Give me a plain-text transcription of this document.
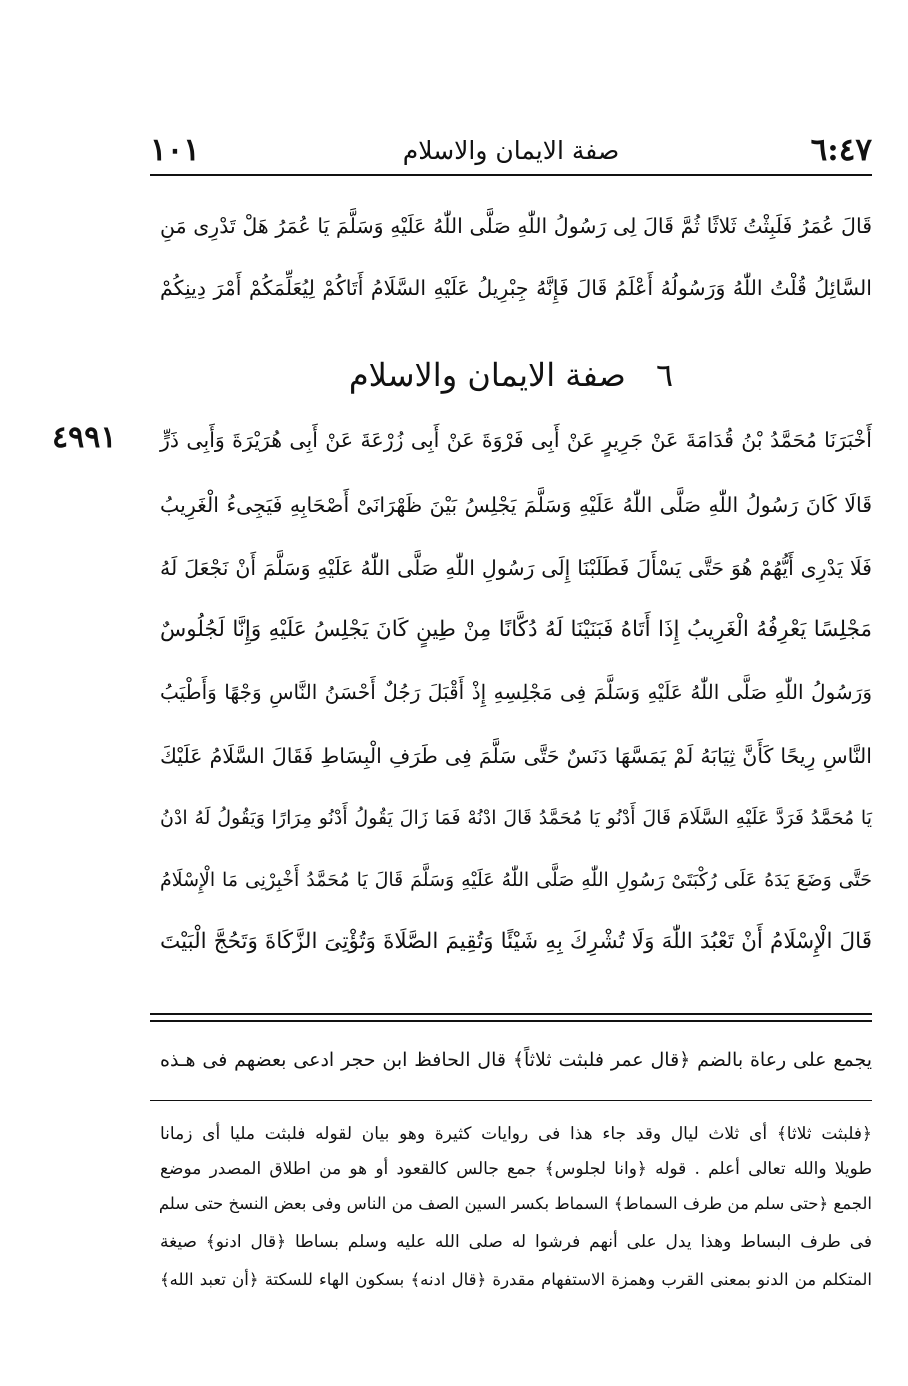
٦:٤٧
صفة الايمان والاسلام
١٠١
قَالَ عُمَرُ فَلَبِثْتُ ثَلاثًا ثُمَّ قَالَ لِى رَسُولُ اللّٰهِ صَلَّى اللّٰهُ عَلَيْهِ وَسَلَّمَ يَا عُمَرُ هَلْ تَدْرِى مَنِ
السَّائِلُ قُلْتُ اللّٰهُ وَرَسُولُهُ أَعْلَمُ قَالَ فَإِنَّهُ جِبْرِيلُ عَلَيْهِ السَّلَامُ أَتَاكُمْ لِيُعَلِّمَكُمْ أَمْرَ دِينِكُمْ
٦ صفة الايمان والاسلام
٤٩٩١ أَخْبَرَنَا مُحَمَّدُ بْنُ قُدَامَةَ عَنْ جَرِيرٍ عَنْ أَبِى فَرْوَةَ عَنْ أَبِى زُرْعَةَ عَنْ أَبِى هُرَيْرَةَ وَأَبِى ذَرٍّ
قَالَا كَانَ رَسُولُ اللّٰهِ صَلَّى اللّٰهُ عَلَيْهِ وَسَلَّمَ يَجْلِسُ بَيْنَ ظَهْرَانَىْ أَصْحَابِهِ فَيَجِىءُ الْغَرِيبُ
فَلَا يَدْرِى أَيُّهُمْ هُوَ حَتَّى يَسْأَلَ فَطَلَبْنَا إِلَى رَسُولِ اللّٰهِ صَلَّى اللّٰهُ عَلَيْهِ وَسَلَّمَ أَنْ نَجْعَلَ لَهُ
مَجْلِسًا يَعْرِفُهُ الْغَرِيبُ إِذَا أَتَاهُ فَبَنَيْنَا لَهُ دُكَّانًا مِنْ طِينٍ كَانَ يَجْلِسُ عَلَيْهِ وَإِنَّا لَجُلُوسٌ
وَرَسُولُ اللّٰهِ صَلَّى اللّٰهُ عَلَيْهِ وَسَلَّمَ فِى مَجْلِسِهِ إِذْ أَقْبَلَ رَجُلٌ أَحْسَنُ النَّاسِ وَجْهًا وَأَطْيَبُ
النَّاسِ رِيحًا كَأَنَّ ثِيَابَهُ لَمْ يَمَسَّهَا دَنَسٌ حَتَّى سَلَّمَ فِى طَرَفِ الْبِسَاطِ فَقَالَ السَّلَامُ عَلَيْكَ
يَا مُحَمَّدُ فَرَدَّ عَلَيْهِ السَّلَامَ قَالَ أَدْنُو يَا مُحَمَّدُ قَالَ ادْنُهْ فَمَا زَالَ يَقُولُ أَدْنُو مِرَارًا وَيَقُولُ لَهُ ادْنُ
حَتَّى وَضَعَ يَدَهُ عَلَى رُكْبَتَىْ رَسُولِ اللّٰهِ صَلَّى اللّٰهُ عَلَيْهِ وَسَلَّمَ قَالَ يَا مُحَمَّدُ أَخْبِرْنِى مَا الْإِسْلَامُ
قَالَ الْإِسْلَامُ أَنْ تَعْبُدَ اللّٰهَ وَلَا تُشْرِكَ بِهِ شَيْئًا وَتُقِيمَ الصَّلَاةَ وَتُؤْتِىَ الزَّكَاةَ وَتَحُجَّ الْبَيْتَ
يجمع على رعاة بالضم ﴿قال عمر فلبثت ثلاثاً﴾ قال الحافظ ابن حجر ادعى بعضهم فى هـذه
﴿فلبثت ثلاثا﴾ أى ثلاث ليال وقد جاء هذا فى روايات كثيرة وهو بيان لقوله فلبثت مليا أى زمانا
طويلا والله تعالى أعلم . قوله ﴿وانا لجلوس﴾ جمع جالس كالقعود أو هو من اطلاق المصدر موضع
الجمع ﴿حتى سلم من طرف السماط﴾ السماط بكسر السين الصف من الناس وفى بعض النسخ حتى سلم
فى طرف البساط وهذا يدل على أنهم فرشوا له صلى الله عليه وسلم بساطا ﴿قال ادنو﴾ صيغة
المتكلم من الدنو بمعنى القرب وهمزة الاستفهام مقدرة ﴿قال ادنه﴾ بسكون الهاء للسكتة ﴿أن تعبد الله﴾
